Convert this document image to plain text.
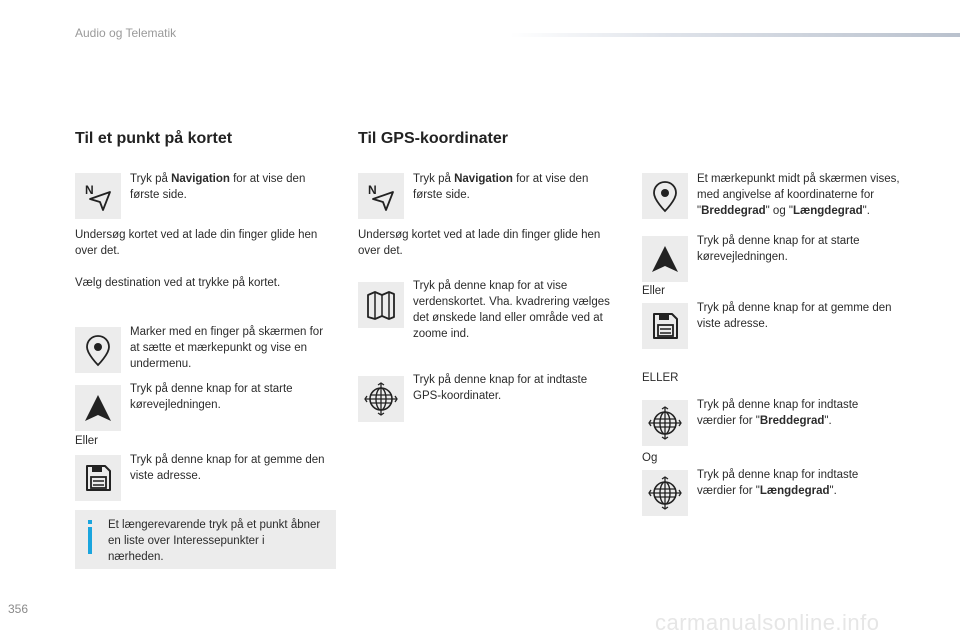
Audio og Telematik
Til et punkt på kortet
N
Tryk på Navigation for at vise den første side.
Undersøg kortet ved at lade din finger glide hen over det.
Vælg destination ved at trykke på kortet.
Marker med en finger på skærmen for at sætte et mærkepunkt og vise en undermenu.
Tryk på denne knap for at starte kørevejledningen.
Eller
Tryk på denne knap for at gemme den viste adresse.
Et længerevarende tryk på et punkt åbner en liste over Interessepunkter i nærheden.
Til GPS-koordinater
N
Tryk på Navigation for at vise den første side.
Undersøg kortet ved at lade din finger glide hen over det.
Tryk på denne knap for at vise verdenskortet. Vha. kvadrering vælges det ønskede land eller område ved at zoome ind.
Tryk på denne knap for at indtaste GPS-koordinater.
Et mærkepunkt midt på skærmen vises, med angivelse af koordinaterne for "Breddegrad" og "Længdegrad".
Tryk på denne knap for at starte kørevejledningen.
Eller
Tryk på denne knap for at gemme den viste adresse.
ELLER
Tryk på denne knap for indtaste værdier for "Breddegrad".
Og
Tryk på denne knap for indtaste værdier for "Længdegrad".
356
carmanualsonline.info
